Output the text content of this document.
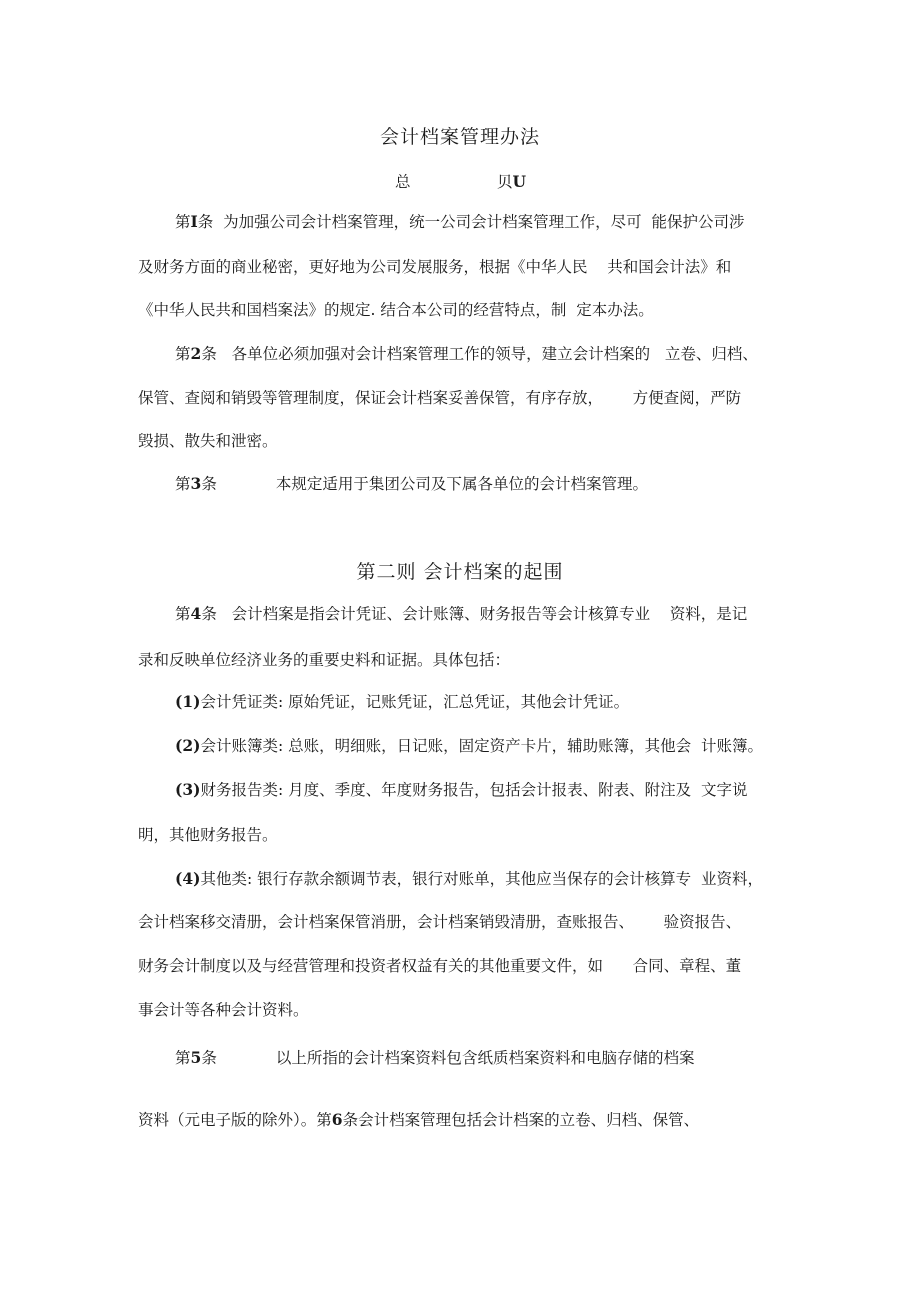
会计档案管理办法
总	贝U

第I条  为加强公司会计档案管理，统一公司会计档案管理工作，尽可  能保护公司涉

及财务方面的商业秘密，更好地为公司发展服务，根据《中华人民    共和国会计法》和

《中华人民共和国档案法》的规定. 结合本公司的经营特点，制  定本办法。

第2条   各单位必须加强对会计档案管理工作的领导，建立会计档案的   立卷、归档、

保管、查阅和销毁等管理制度，保证会计档案妥善保管，有序存放，      方便查阅，严防

毁损、散失和泄密。

第3条            本规定适用于集团公司及下属各单位的会计档案管理。

第二则 会计档案的起围

第4条   会计档案是指会计凭证、会计账簿、财务报告等会计核算专业    资料，是记

录和反映单位经济业务的重要史料和证据。具体包括：

(1)会计凭证类: 原始凭证，记账凭证，汇总凭证，其他会计凭证。

(2)会计账簿类: 总账，明细账，日记账，固定资产卡片，辅助账簿，其他会  计账簿。

(3)财务报告类: 月度、季度、年度财务报告，包括会计报表、附表、附注及  文字说

明，其他财务报告。

(4)其他类: 银行存款余额调节表，银行对账单，其他应当保存的会计核算专  业资料，

会计档案移交清册，会计档案保管消册，会计档案销毁清册，查账报告、      验资报告、

财务会计制度以及与经营管理和投资者权益有关的其他重要文件，如      合同、章程、董

事会计等各种会计资料。

第5条            以上所指的会计档案资料包含纸质档案资料和电脑存储的档案

资料（元电子版的除外）。第6条会计档案管理包括会计档案的立卷、归档、保管、
